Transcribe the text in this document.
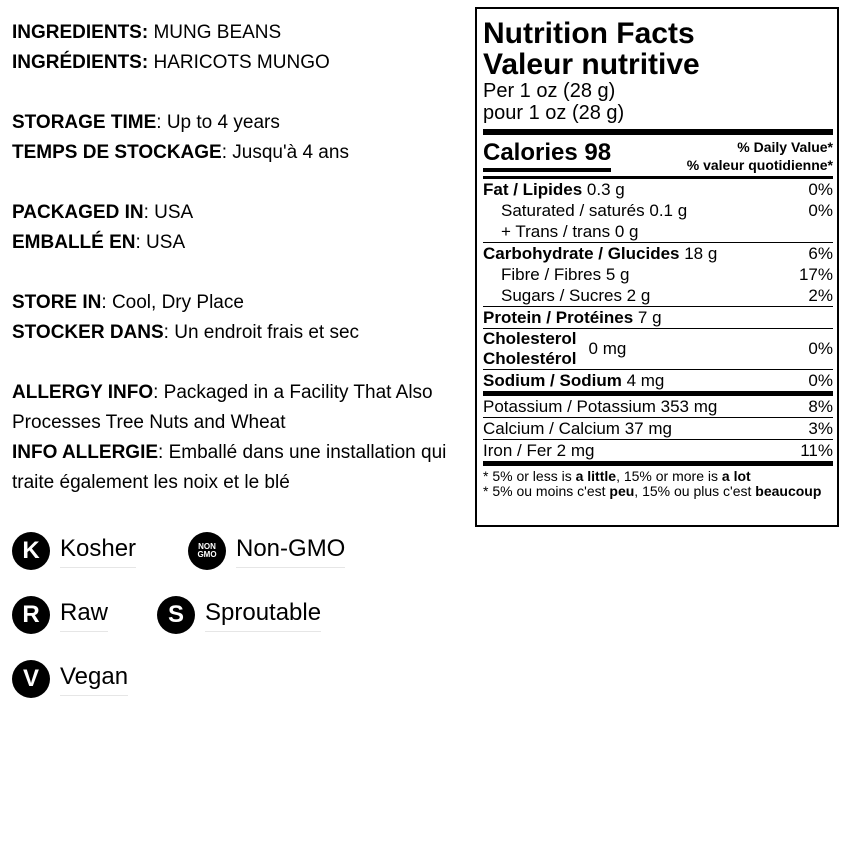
INGREDIENTS: MUNG BEANS
INGRÉDIENTS: HARICOTS MUNGO
STORAGE TIME: Up to 4 years
TEMPS DE STOCKAGE: Jusqu'à 4 ans
PACKAGED IN: USA
EMBALLÉ EN: USA
STORE IN: Cool, Dry Place
STOCKER DANS: Un endroit frais et sec
ALLERGY INFO: Packaged in a Facility That Also Processes Tree Nuts and Wheat
INFO ALLERGIE: Emballé dans une installation qui traite également les noix et le blé
K Kosher	NON
GMO Non-GMO
R Raw	S Sproutable
V Vegan
Nutrition Facts
Valeur nutritive
Per 1 oz (28 g)
pour 1 oz (28 g)
Calories 98	% Daily Value*
% valeur quotidienne*
Fat / Lipides 0.3 g	0%
Saturated / saturés 0.1 g	0%
+ Trans / trans 0 g
Carbohydrate / Glucides 18 g	6%
Fibre / Fibres 5 g	17%
Sugars / Sucres 2 g	2%
Protein / Protéines 7 g
Cholesterol
Cholestérol
0 mg	0%
Sodium / Sodium 4 mg	0%
Potassium / Potassium 353 mg	8%
Calcium / Calcium 37 mg	3%
Iron / Fer 2 mg	11%
* 5% or less is a little, 15% or more is a lot
* 5% ou moins c'est peu, 15% ou plus c'est beaucoup
